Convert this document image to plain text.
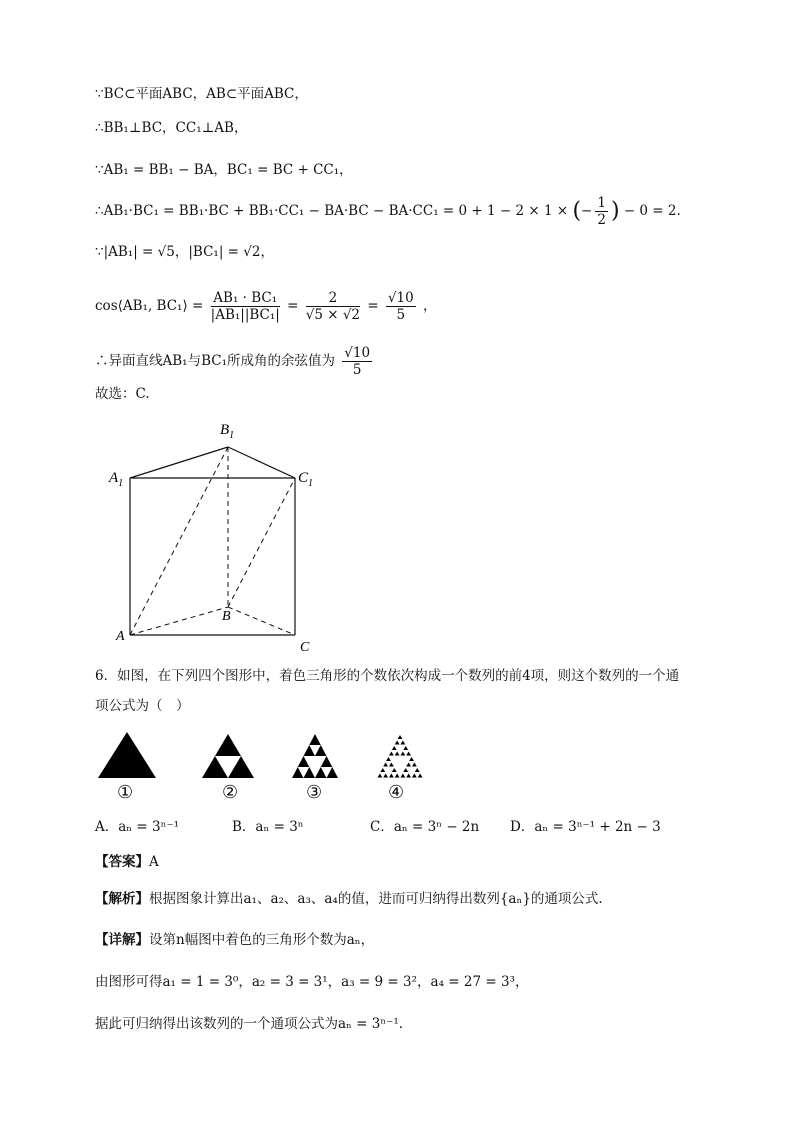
∵BC⊂平面ABC，AB⊂平面ABC，
∴BB₁⊥BC，CC₁⊥AB，
∵AB₁ = BB₁ − BA，BC₁ = BC + CC₁，
∴AB₁·BC₁ = BB₁·BC + BB₁·CC₁ − BA·BC − BA·CC₁ = 0 + 1 − 2 × 1 × (− $\frac{1}{2}$ ) − 0 = 2.
∵|AB₁| = √5，|BC₁| = √2，
cos⟨AB₁, BC₁⟩ = $\frac{\text{AB₁ · BC₁}}{\text{|AB₁||BC₁|}} = \frac{2}{√5 \times √2} = \frac{√10}{5}$ ，
∴异面直线AB₁与BC₁所成角的余弦值为 $\frac{√10}{5}$
故选：C.
$B_1$
$A_1$	$C_1$
A
B
C
6．如图，在下列四个图形中，着色三角形的个数依次构成一个数列的前4项，则这个数列的一个通
项公式为（　）
①	②	③	④
A．aₙ = 3ⁿ⁻¹	B．aₙ = 3ⁿ	C．aₙ = 3ⁿ − 2n D．aₙ = 3ⁿ⁻¹ + 2n − 3
【答案】A
【解析】根据图象计算出a₁、a₂、a₃、a₄的值，进而可归纳得出数列{aₙ}的通项公式.
【详解】设第n幅图中着色的三角形个数为aₙ，
由图形可得a₁ = 1 = 3⁰，a₂ = 3 = 3¹，a₃ = 9 = 3²，a₄ = 27 = 3³，
据此可归纳得出该数列的一个通项公式为aₙ = 3ⁿ⁻¹.
